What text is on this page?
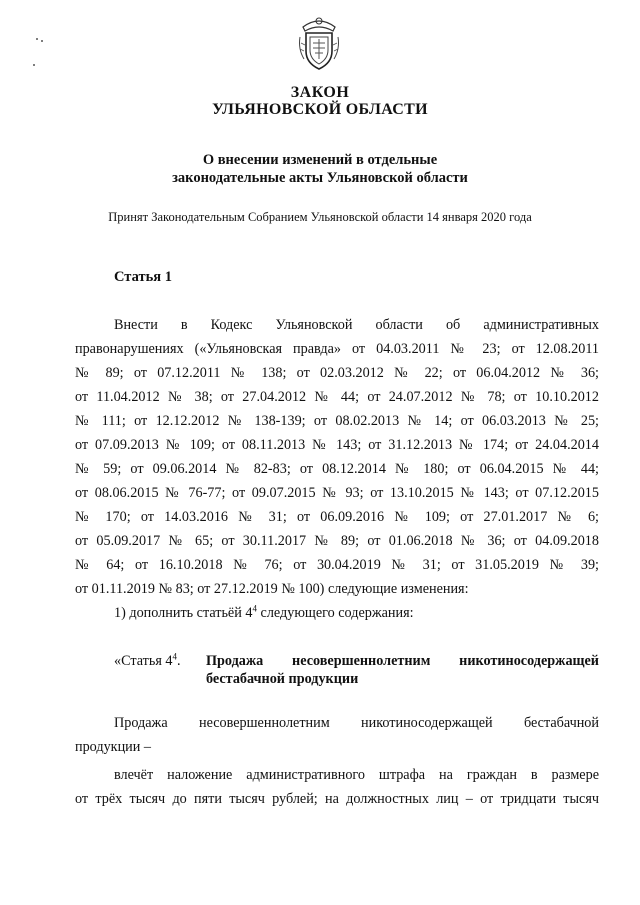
ЗАКОН
УЛЬЯНОВСКОЙ ОБЛАСТИ
О внесении изменений в отдельные
законодательные акты Ульяновской области
Принят Законодательным Собранием Ульяновской области 14 января 2020 года
Статья 1
Внести в Кодекс Ульяновской области об административных
правонарушениях («Ульяновская правда» от 04.03.2011 № 23; от 12.08.2011
№ 89; от 07.12.2011 № 138; от 02.03.2012 № 22; от 06.04.2012 № 36;
от 11.04.2012 № 38; от 27.04.2012 № 44; от 24.07.2012 № 78; от 10.10.2012
№ 111; от 12.12.2012 № 138-139; от 08.02.2013 № 14; от 06.03.2013 № 25;
от 07.09.2013 № 109; от 08.11.2013 № 143; от 31.12.2013 № 174; от 24.04.2014
№ 59; от 09.06.2014 № 82-83; от 08.12.2014 № 180; от 06.04.2015 № 44;
от 08.06.2015 № 76-77; от 09.07.2015 № 93; от 13.10.2015 № 143; от 07.12.2015
№ 170; от 14.03.2016 № 31; от 06.09.2016 № 109; от 27.01.2017 № 6;
от 05.09.2017 № 65; от 30.11.2017 № 89; от 01.06.2018 № 36; от 04.09.2018
№ 64; от 16.10.2018 № 76; от 30.04.2019 № 31; от 31.05.2019 № 39;
от 01.11.2019 № 83; от 27.12.2019 № 100) следующие изменения:
1) дополнить статьёй $4^4$ следующего содержания:
«Статья $4^4$. Продажа несовершеннолетним никотиносодержащей
бестабачной продукции
Продажа несовершеннолетним никотиносодержащей бестабачной
продукции –
влечёт наложение административного штрафа на граждан в размере
от трёх тысяч до пяти тысяч рублей; на должностных лиц – от тридцати тысяч
